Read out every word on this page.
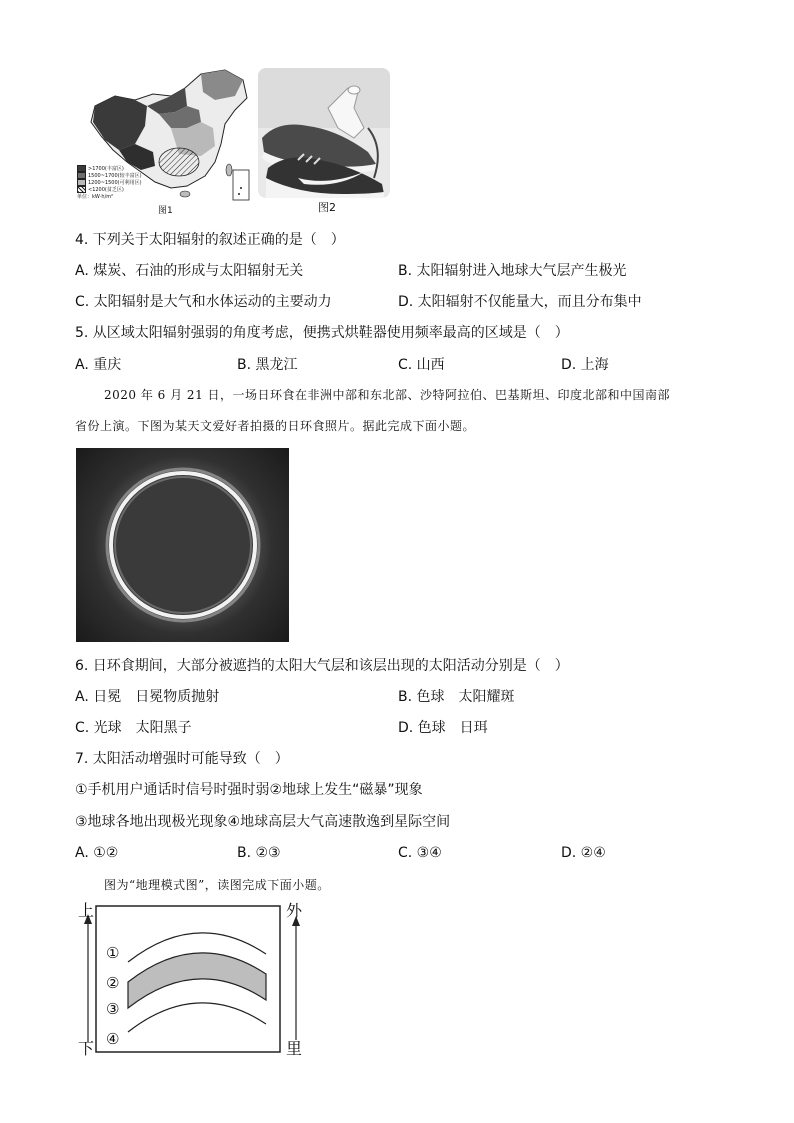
>1700(丰富区)
1500~1700(较丰富区)
1200~1500(可利用区)
<1200(贫乏区)
单位：kW·h/m²
图1	图2
4. 下列关于太阳辐射的叙述正确的是（　）
A. 煤炭、石油的形成与太阳辐射无关	B. 太阳辐射进入地球大气层产生极光
C. 太阳辐射是大气和水体运动的主要动力	D. 太阳辐射不仅能量大，而且分布集中
5. 从区域太阳辐射强弱的角度考虑，便携式烘鞋器使用频率最高的区域是（　）
A. 重庆	B. 黑龙江	C. 山西	D. 上海
2020 年 6 月 21 日，一场日环食在非洲中部和东北部、沙特阿拉伯、巴基斯坦、印度北部和中国南部
省份上演。下图为某天文爱好者拍摄的日环食照片。据此完成下面小题。
6. 日环食期间，大部分被遮挡的太阳大气层和该层出现的太阳活动分别是（　）
A. 日冕　日冕物质抛射	B. 色球　太阳耀斑
C. 光球　太阳黑子	D. 色球　日珥
7. 太阳活动增强时可能导致（　）
①手机用户通话时信号时强时弱②地球上发生“磁暴”现象
③地球各地出现极光现象④地球高层大气高速散逸到星际空间
A. ①②	B. ②③	C. ③④	D. ②④
图为“地理模式图”，读图完成下面小题。
上
下
外
里
①
②
③
④
